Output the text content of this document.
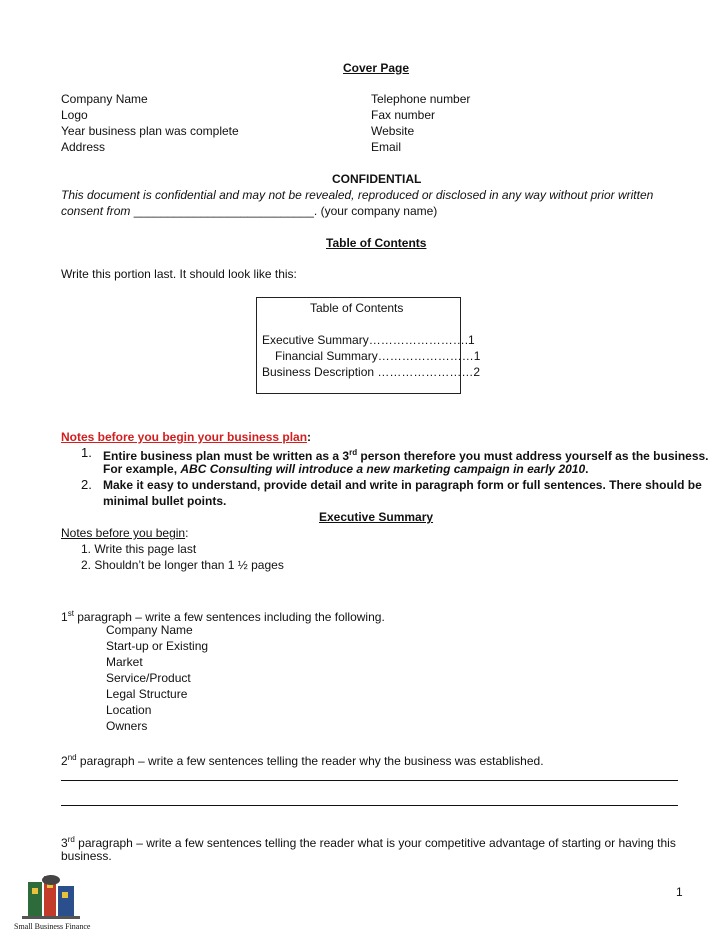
Cover Page
Company Name
Logo
Year business plan was complete
Address
Telephone number
Fax number
Website
Email
CONFIDENTIAL
This document is confidential and may not be revealed, reproduced or disclosed in any way without prior written
consent from ___________________________. (your company name)
Table of Contents
Write this portion last. It should look like this:
Table of Contents
Executive Summary…………………….1
Financial Summary……………………1
Business Description ……………………2
Notes before you begin your business plan:
1. Entire business plan must be written as a 3rd person therefore you must address yourself as the business.
For example, ABC Consulting will introduce a new marketing campaign in early 2010.
2. Make it easy to understand, provide detail and write in paragraph form or full sentences. There should be
minimal bullet points.
Executive Summary
Notes before you begin:
1. Write this page last
2. Shouldn’t be longer than 1 ½ pages
1st paragraph – write a few sentences including the following.
Company Name
Start-up or Existing
Market
Service/Product
Legal Structure
Location
Owners
2nd paragraph – write a few sentences telling the reader why the business was established.
3rd paragraph – write a few sentences telling the reader what is your competitive advantage of starting or having this
business.
1
Small Business Finance
